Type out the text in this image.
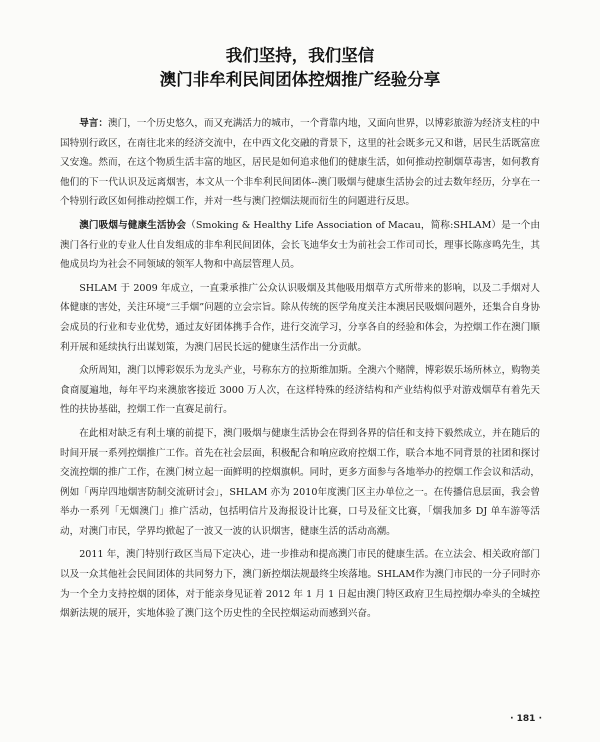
我们坚持，我们坚信
澳门非牟利民间团体控烟推广经验分享

导言：澳门，一个历史悠久，而又充满活力的城市，一个背靠内地，又面向世界，以博彩旅游为经济支柱的中国特别行政区，在南往北来的经济交流中，在中西文化交融的背景下，这里的社会既多元又和谐，居民生活既富庶又安逸。然而，在这个物质生活丰富的地区，居民是如何追求他们的健康生活，如何推动控制烟草毒害，如何教育他们的下一代认识及远离烟害，本文从一个非牟利民间团体--澳门吸烟与健康生活协会的过去数年经历，分享在一个特别行政区如何推动控烟工作，并对一些与澳门控烟法规而衍生的问题进行反思。

澳门吸烟与健康生活协会（Smoking & Healthy Life Association of Macau，简称:SHLAM）是一个由澳门各行业的专业人仕自发组成的非牟利民间团体，会长飞迪华女士为前社会工作司司长，理事长陈彦鸣先生，其他成员均为社会不同领域的领军人物和中高层管理人员。

SHLAM 于 2009 年成立，一直秉承推广公众认识吸烟及其他吸用烟草方式所带来的影响，以及二手烟对人体健康的害处，关注环境“三手烟”问题的立会宗旨。除从传统的医学角度关注本澳居民吸烟问题外，还集合自身协会成员的行业和专业优势，通过友好团体携手合作，进行交流学习，分享各自的经验和体会，为控烟工作在澳门顺利开展和延续执行出谋划策，为澳门居民长远的健康生活作出一分贡献。

众所周知，澳门以博彩娱乐为龙头产业，号称东方的拉斯维加斯。全澳六个赌牌，博彩娱乐场所林立，购物美食商厦遍地，每年平均来澳旅客接近 3000 万人次，在这样特殊的经济结构和产业结构似乎对游戏烟草有着先天性的扶协基础，控烟工作一直赛足前行。

在此相对缺乏有利土壤的前提下，澳门吸烟与健康生活协会在得到各界的信任和支持下毅然成立，并在随后的时间开展一系列控烟推广工作。首先在社会层面，积极配合和响应政府控烟工作，联合本地不同背景的社团和探讨交流控烟的推广工作，在澳门树立起一面鲜明的控烟旗帜。同时，更多方面参与各地举办的控烟工作会议和活动，例如「两岸四地烟害防制交流研讨会」，SHLAM 亦为 2010年度澳门区主办单位之一。在传播信息层面，我会曾举办一系列「无烟澳门」推广活动，包括明信片及海报设计比赛，口号及征文比赛，「烟我加多 DJ 单车游等活动，对澳门市民，学界均掀起了一波又一波的认识烟害，健康生活的活动高潮。

2011 年，澳门特别行政区当局下定决心，进一步推动和提高澳门市民的健康生活。在立法会、相关政府部门以及一众其他社会民间团体的共同努力下，澳门新控烟法规最终尘埃落地。SHLAM作为澳门市民的一分子同时亦为一个全力支持控烟的团体，对于能亲身见证着 2012 年 1 月 1 日起由澳门特区政府卫生局控烟办牵头的全城控烟新法规的展开，实地体验了澳门这个历史性的全民控烟运动而感到兴奋。

· 181 ·
